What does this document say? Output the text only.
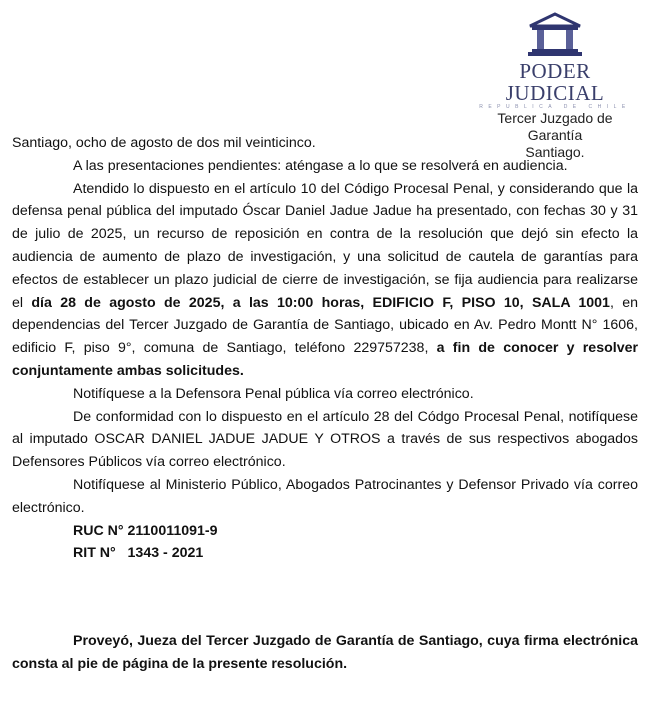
PODER JUDICIAL
REPUBLICA DE CHILE
Tercer Juzgado de Garantía
Santiago.

Santiago, ocho de agosto de dos mil veinticinco.

A las presentaciones pendientes: aténgase a lo que se resolverá en audiencia.

Atendido lo dispuesto en el artículo 10 del Código Procesal Penal, y considerando que la defensa penal pública del imputado Óscar Daniel Jadue Jadue ha presentado, con fechas 30 y 31 de julio de 2025, un recurso de reposición en contra de la resolución que dejó sin efecto la audiencia de aumento de plazo de investigación, y una solicitud de cautela de garantías para efectos de establecer un plazo judicial de cierre de investigación, se fija audiencia para realizarse el día 28 de agosto de 2025, a las 10:00 horas, EDIFICIO F, PISO 10, SALA 1001, en dependencias del Tercer Juzgado de Garantía de Santiago, ubicado en Av. Pedro Montt N° 1606, edificio F, piso 9°, comuna de Santiago, teléfono 229757238, a fin de conocer y resolver conjuntamente ambas solicitudes.

Notifíquese a la Defensora Penal pública vía correo electrónico.

De conformidad con lo dispuesto en el artículo 28 del Códgo Procesal Penal, notifíquese al imputado OSCAR DANIEL JADUE JADUE Y OTROS a través de sus respectivos abogados Defensores Públicos vía correo electrónico.

Notifíquese al Ministerio Público, Abogados Patrocinantes y Defensor Privado vía correo electrónico.

RUC N° 2110011091-9

RIT N°   1343 - 2021

Proveyó, Jueza del Tercer Juzgado de Garantía de Santiago, cuya firma electrónica consta al pie de página de la presente resolución.
